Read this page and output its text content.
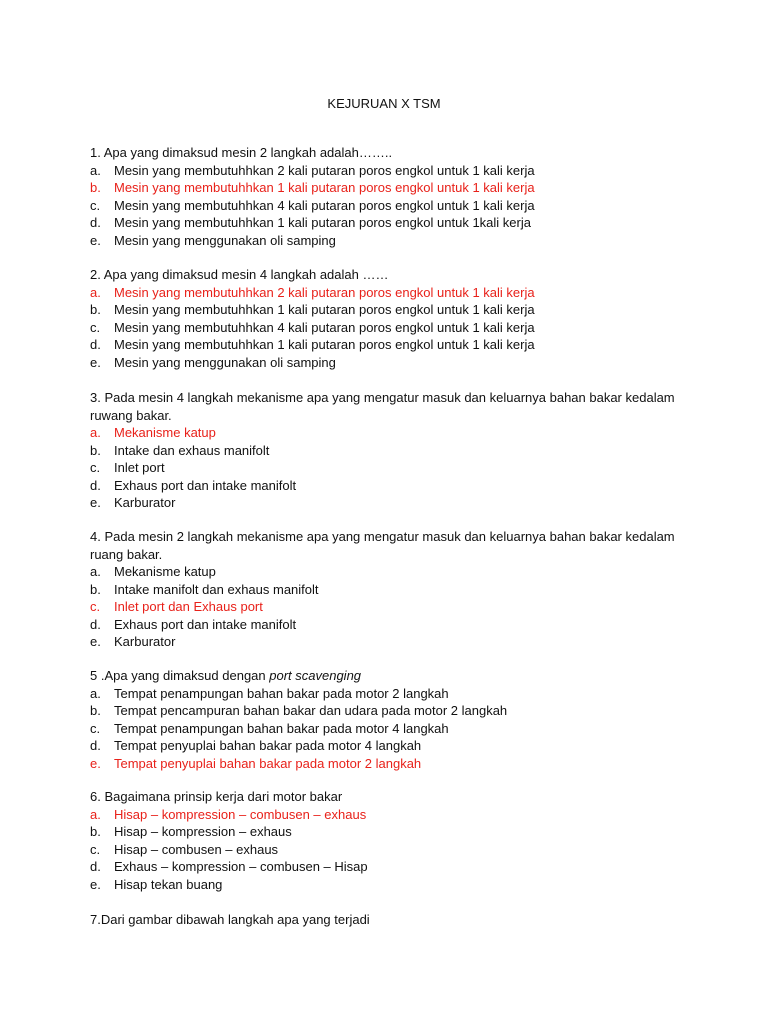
KEJURUAN X TSM
1. Apa yang dimaksud mesin 2 langkah adalah……..
a.	Mesin yang membutuhhkan 2 kali putaran poros engkol untuk 1 kali kerja
b.	Mesin yang membutuhhkan 1 kali putaran poros engkol untuk 1 kali kerja
c.	Mesin yang membutuhhkan 4 kali putaran poros engkol untuk 1 kali kerja
d.	Mesin yang membutuhhkan 1 kali putaran poros engkol untuk 1kali kerja
e.	Mesin yang menggunakan oli samping
2. Apa yang dimaksud mesin 4 langkah adalah ……
a.	Mesin yang membutuhhkan 2 kali putaran poros engkol untuk 1 kali kerja
b.	Mesin yang membutuhhkan 1 kali putaran poros engkol untuk 1 kali kerja
c.	Mesin yang membutuhhkan 4 kali putaran poros engkol untuk 1 kali kerja
d.	Mesin yang membutuhhkan 1 kali putaran poros engkol untuk 1 kali kerja
e.	Mesin yang menggunakan oli samping
3. Pada mesin 4 langkah mekanisme apa yang mengatur masuk dan keluarnya bahan bakar kedalam ruwang bakar.
a.	Mekanisme katup
b.	Intake dan exhaus manifolt
c.	Inlet port
d.	Exhaus port dan intake manifolt
e.	Karburator
4. Pada mesin 2 langkah mekanisme apa yang mengatur masuk dan keluarnya bahan bakar kedalam ruang bakar.
a.	Mekanisme katup
b.	Intake manifolt dan exhaus manifolt
c.	Inlet port dan Exhaus port
d.	Exhaus port dan intake manifolt
e.	Karburator
5 .Apa yang dimaksud dengan port scavenging
a.	Tempat penampungan bahan bakar pada motor 2 langkah
b.	Tempat pencampuran bahan bakar dan udara pada motor 2 langkah
c.	Tempat penampungan bahan bakar pada motor 4 langkah
d.	Tempat penyuplai bahan bakar pada motor 4 langkah
e.	Tempat penyuplai bahan bakar pada motor 2 langkah
6. Bagaimana prinsip kerja dari motor bakar
a.	Hisap – kompression – combusen – exhaus
b.	Hisap – kompression – exhaus
c.	Hisap – combusen – exhaus
d.	Exhaus – kompression – combusen – Hisap
e.	Hisap tekan buang
7.Dari gambar dibawah langkah apa yang terjadi
